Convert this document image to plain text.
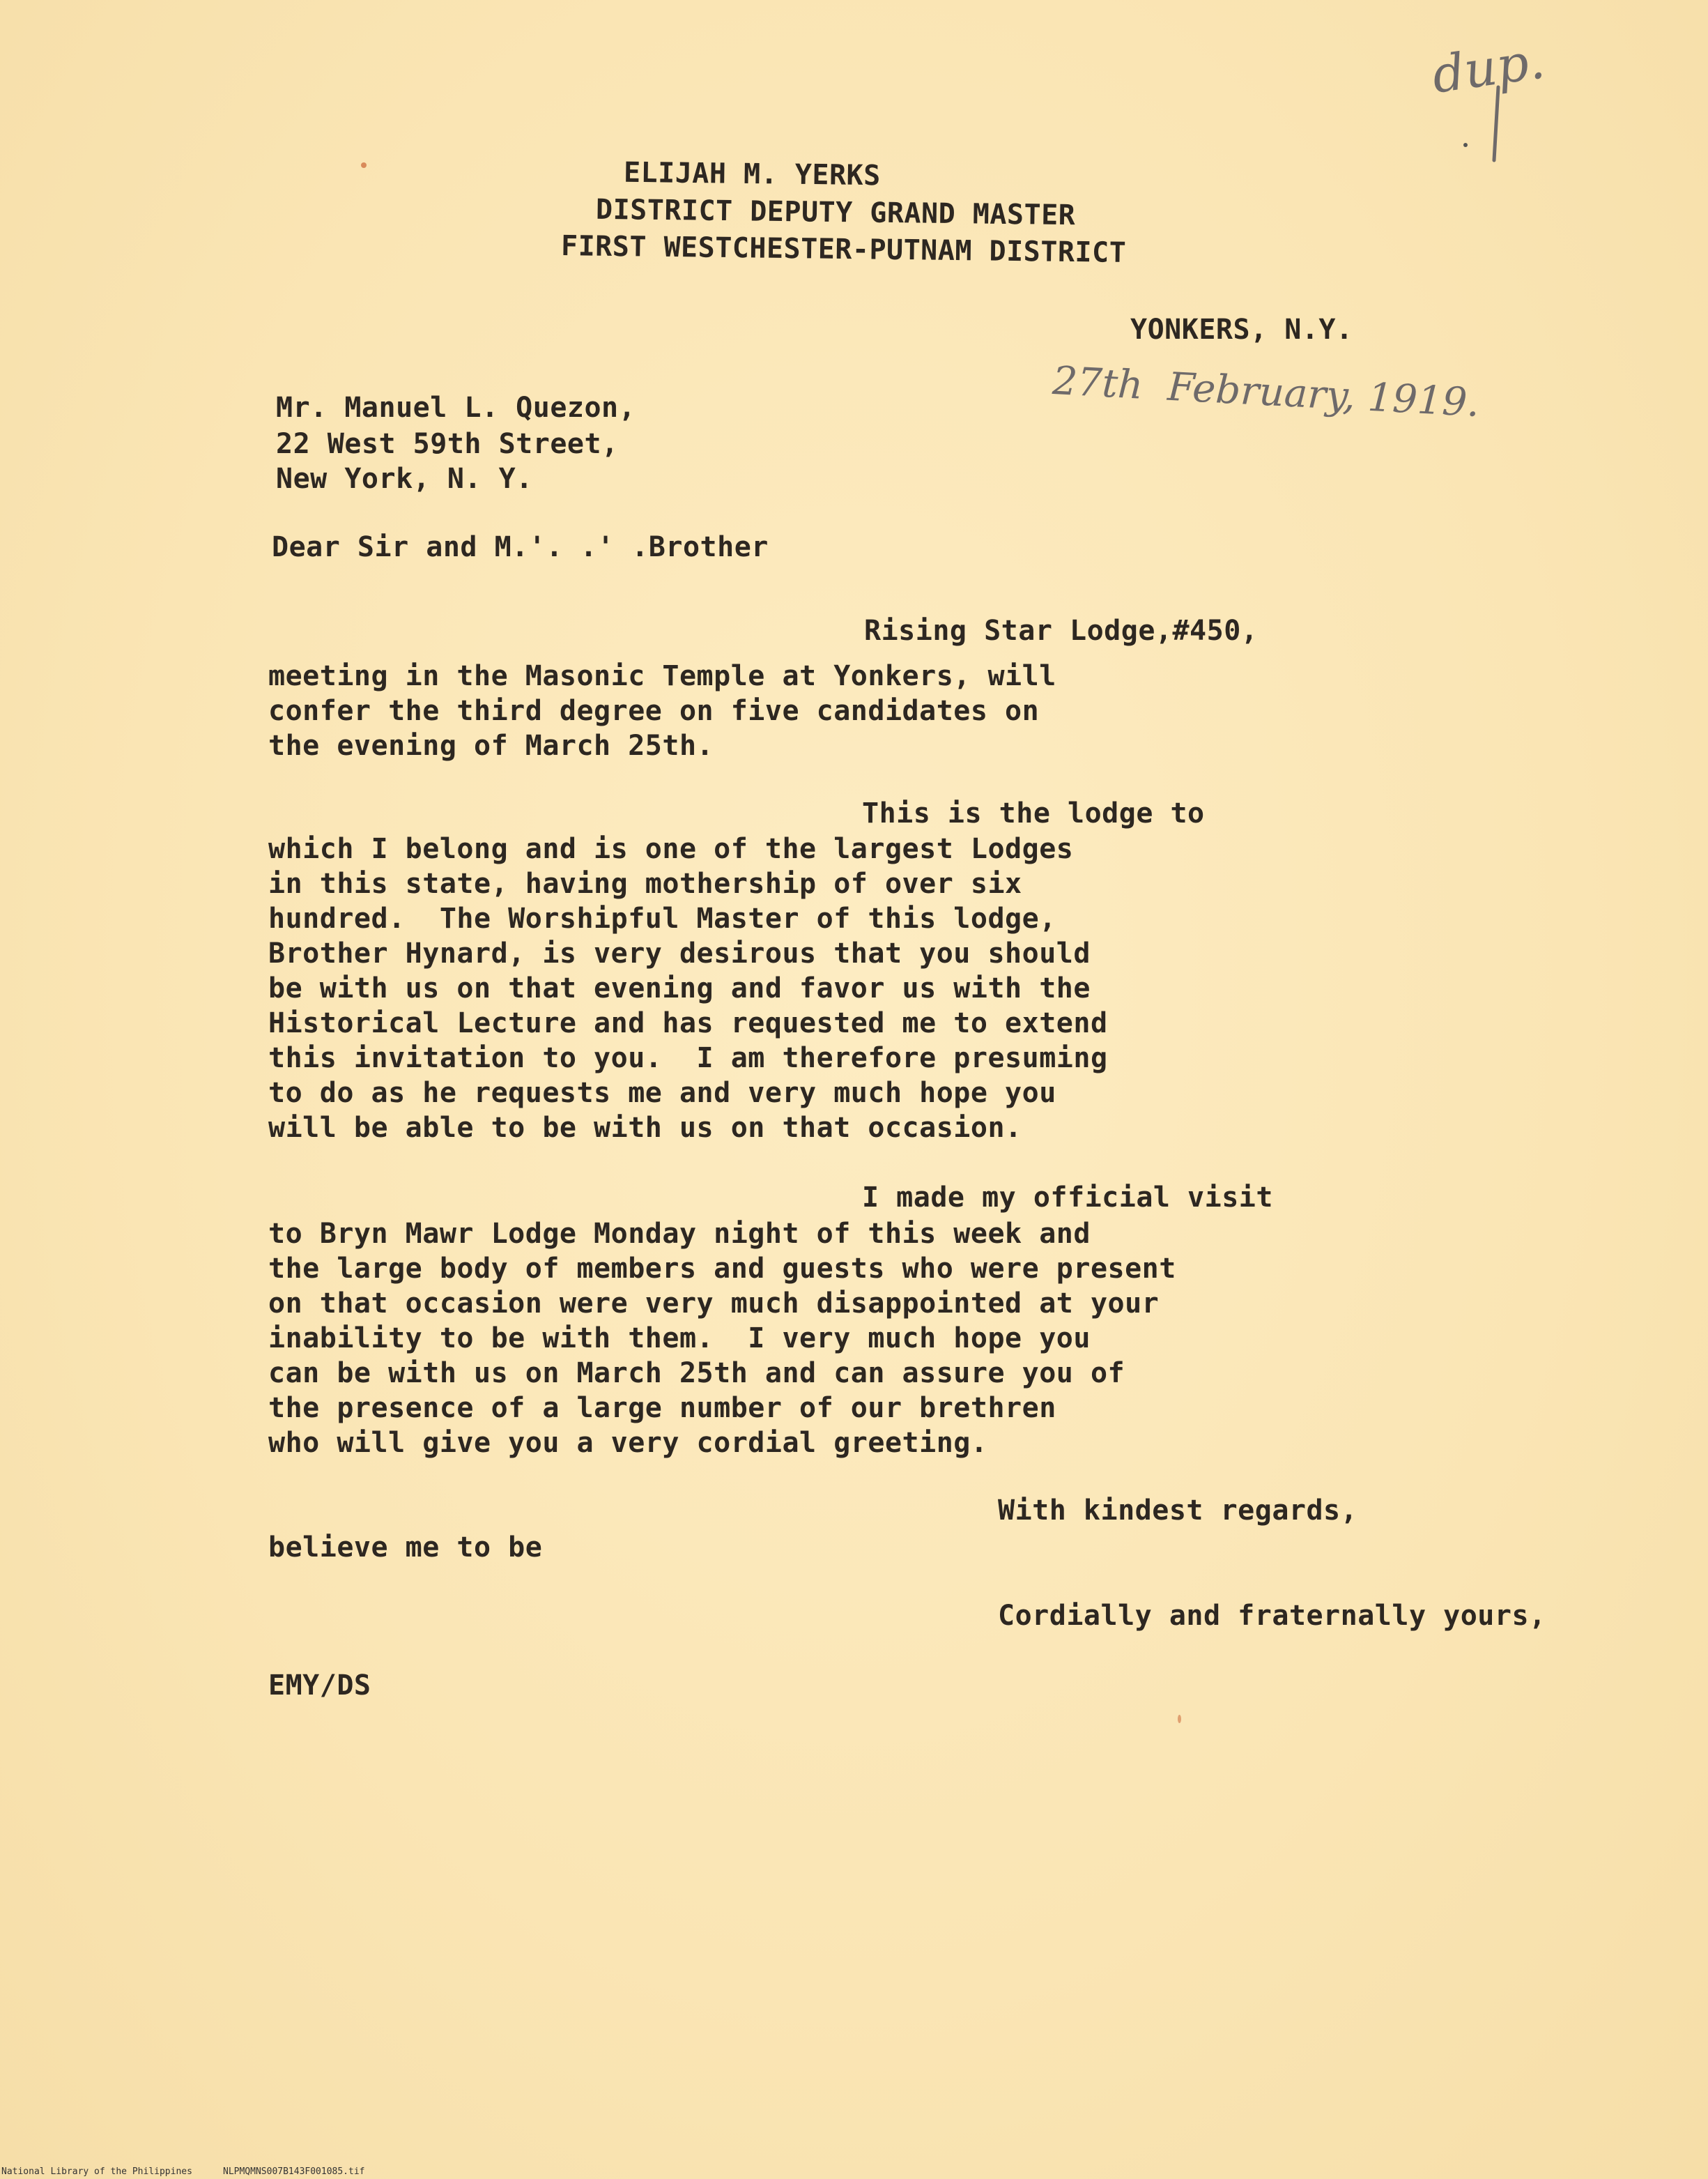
dup.
ELIJAH M. YERKS
DISTRICT DEPUTY GRAND MASTER
FIRST WESTCHESTER-PUTNAM DISTRICT
YONKERS, N.Y.
27th  February, 1919.
Mr. Manuel L. Quezon,
22 West 59th Street,
New York, N. Y.
Dear Sir and M.'. .' .Brother
Rising Star Lodge,#450,
meeting in the Masonic Temple at Yonkers, will
confer the third degree on five candidates on
the evening of March 25th.
This is the lodge to
which I belong and is one of the largest Lodges
in this state, having mothership of over six
hundred.  The Worshipful Master of this lodge,
Brother Hynard, is very desirous that you should
be with us on that evening and favor us with the
Historical Lecture and has requested me to extend
this invitation to you.  I am therefore presuming
to do as he requests me and very much hope you
will be able to be with us on that occasion.
I made my official visit
to Bryn Mawr Lodge Monday night of this week and
the large body of members and guests who were present
on that occasion were very much disappointed at your
inability to be with them.  I very much hope you
can be with us on March 25th and can assure you of
the presence of a large number of our brethren
who will give you a very cordial greeting.
With kindest regards,
believe me to be
Cordially and fraternally yours,
EMY/DS
National Library of the Philippines	NLPMQMNS007B143F001085.tif
